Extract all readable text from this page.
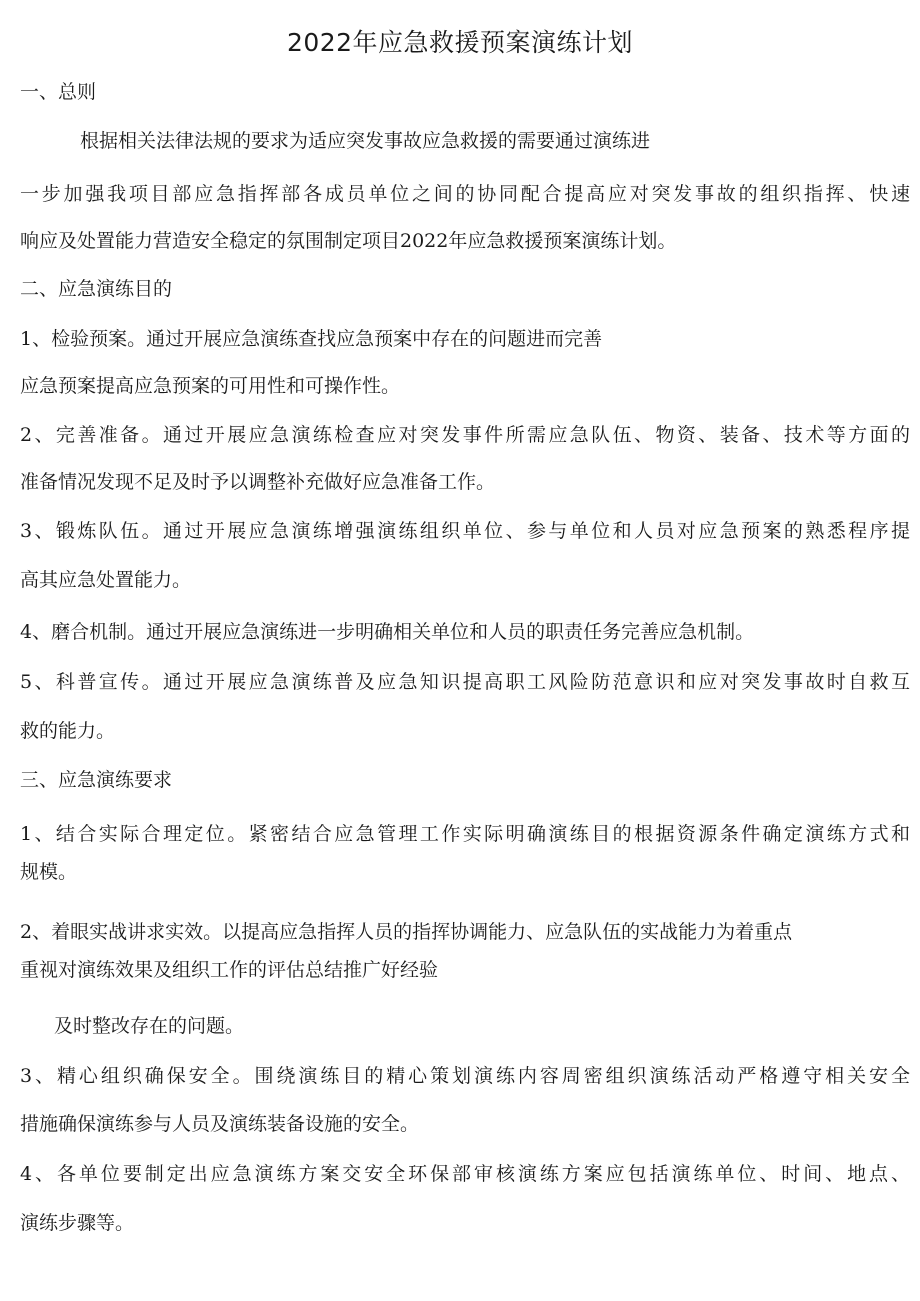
2022年应急救援预案演练计划
一、总则
根据相关法律法规的要求为适应突发事故应急救援的需要通过演练进
一步加强我项目部应急指挥部各成员单位之间的协同配合提高应对突发事故的组织指挥、快速
响应及处置能力营造安全稳定的氛围制定项目2022年应急救援预案演练计划。
二、应急演练目的
1、检验预案。通过开展应急演练查找应急预案中存在的问题进而完善
应急预案提高应急预案的可用性和可操作性。
2、完善准备。通过开展应急演练检查应对突发事件所需应急队伍、物资、装备、技术等方面的
准备情况发现不足及时予以调整补充做好应急准备工作。
3、锻炼队伍。通过开展应急演练增强演练组织单位、参与单位和人员对应急预案的熟悉程序提
高其应急处置能力。
4、磨合机制。通过开展应急演练进一步明确相关单位和人员的职责任务完善应急机制。
5、科普宣传。通过开展应急演练普及应急知识提高职工风险防范意识和应对突发事故时自救互
救的能力。
三、应急演练要求
1、结合实际合理定位。紧密结合应急管理工作实际明确演练目的根据资源条件确定演练方式和
规模。
2、着眼实战讲求实效。以提高应急指挥人员的指挥协调能力、应急队伍的实战能力为着重点
重视对演练效果及组织工作的评估总结推广好经验
及时整改存在的问题。
3、精心组织确保安全。围绕演练目的精心策划演练内容周密组织演练活动严格遵守相关安全
措施确保演练参与人员及演练装备设施的安全。
4、各单位要制定出应急演练方案交安全环保部审核演练方案应包括演练单位、时间、地点、
演练步骤等。
